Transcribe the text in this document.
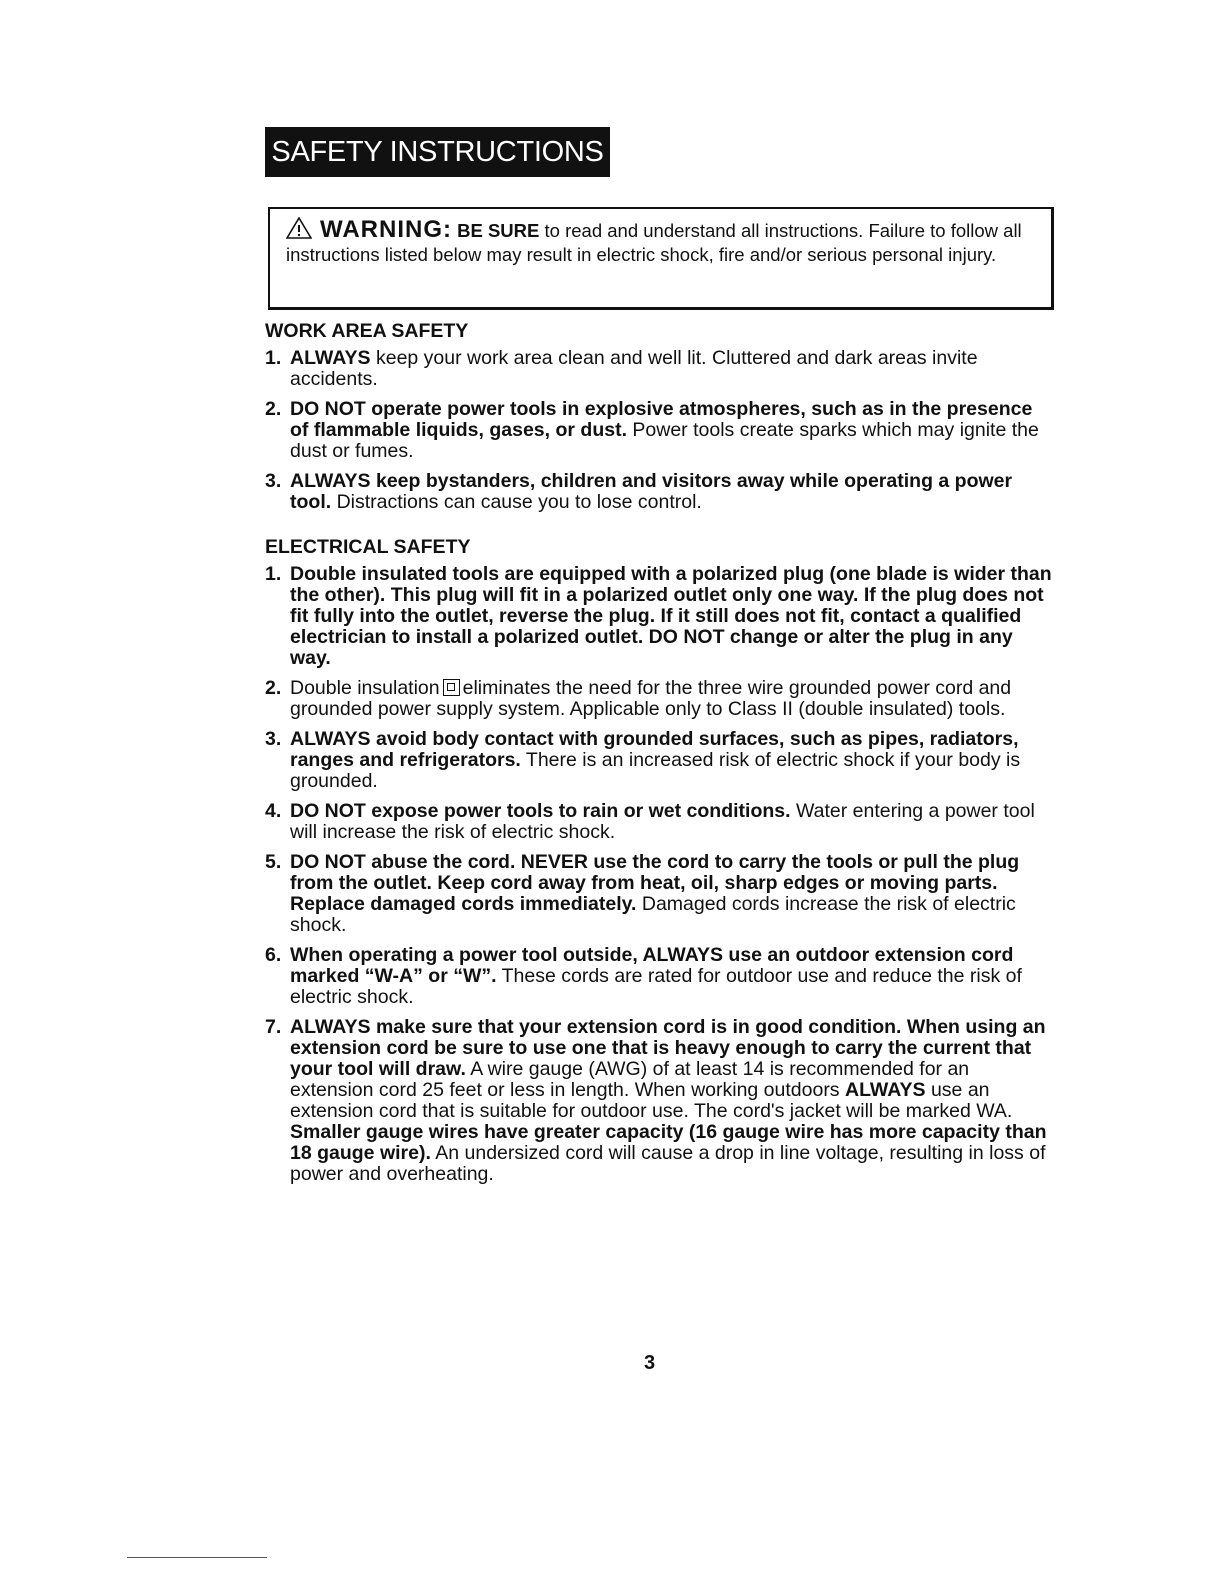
SAFETY INSTRUCTIONS
WARNING: BE SURE to read and understand all instructions. Failure to follow all instructions listed below may result in electric shock, fire and/or serious personal injury.
WORK AREA SAFETY
1. ALWAYS keep your work area clean and well lit. Cluttered and dark areas invite accidents.
2. DO NOT operate power tools in explosive atmospheres, such as in the presence of flammable liquids, gases, or dust. Power tools create sparks which may ignite the dust or fumes.
3. ALWAYS keep bystanders, children and visitors away while operating a power tool. Distractions can cause you to lose control.
ELECTRICAL SAFETY
1. Double insulated tools are equipped with a polarized plug (one blade is wider than the other). This plug will fit in a polarized outlet only one way. If the plug does not fit fully into the outlet, reverse the plug. If it still does not fit, contact a qualified electrician to install a polarized outlet. DO NOT change or alter the plug in any way.
2. Double insulation eliminates the need for the three wire grounded power cord and grounded power supply system. Applicable only to Class II (double insulated) tools.
3. ALWAYS avoid body contact with grounded surfaces, such as pipes, radiators, ranges and refrigerators. There is an increased risk of electric shock if your body is grounded.
4. DO NOT expose power tools to rain or wet conditions. Water entering a power tool will increase the risk of electric shock.
5. DO NOT abuse the cord. NEVER use the cord to carry the tools or pull the plug from the outlet. Keep cord away from heat, oil, sharp edges or moving parts. Replace damaged cords immediately. Damaged cords increase the risk of electric shock.
6. When operating a power tool outside, ALWAYS use an outdoor extension cord marked “W-A” or “W”. These cords are rated for outdoor use and reduce the risk of electric shock.
7. ALWAYS make sure that your extension cord is in good condition. When using an extension cord be sure to use one that is heavy enough to carry the current that your tool will draw. A wire gauge (AWG) of at least 14 is recommended for an extension cord 25 feet or less in length. When working outdoors ALWAYS use an extension cord that is suitable for outdoor use. The cord's jacket will be marked WA. Smaller gauge wires have greater capacity (16 gauge wire has more capacity than 18 gauge wire). An undersized cord will cause a drop in line voltage, resulting in loss of power and overheating.
3
